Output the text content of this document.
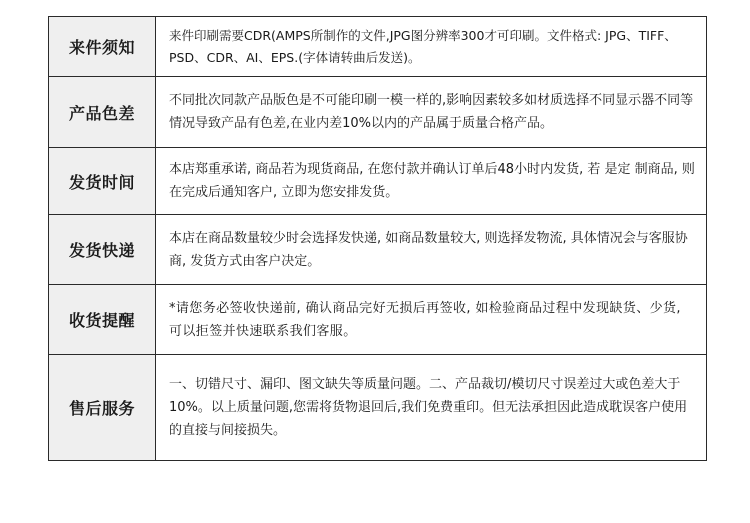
来件须知	来件印刷需要CDR(AMPS所制作的文件,JPG图分辨率300才可印刷。文件格式: JPG、TIFF、PSD、CDR、AI、EPS.(字体请转曲后发送)。
产品色差	不同批次同款产品版色是不可能印刷一模一样的,影响因素较多如材质选择不同显示器不同等情况导致产品有色差,在业内差10%以内的产品属于质量合格产品。
发货时间	本店郑重承诺, 商品若为现货商品, 在您付款并确认订单后48小时内发货, 若 是定 制商品, 则在完成后通知客户, 立即为您安排发货。
发货快递	本店在商品数量较少时会选择发快递, 如商品数量较大, 则选择发物流, 具体情况会与客服协商, 发货方式由客户决定。
收货提醒	*请您务必签收快递前, 确认商品完好无损后再签收, 如检验商品过程中发现缺货、少货, 可以拒签并快速联系我们客服。
售后服务	一、切错尺寸、漏印、图文缺失等质量问题。二、产品裁切/模切尺寸误差过大或色差大于10%。以上质量问题,您需将货物退回后,我们免费重印。但无法承担因此造成耽误客户使用的直接与间接损失。
